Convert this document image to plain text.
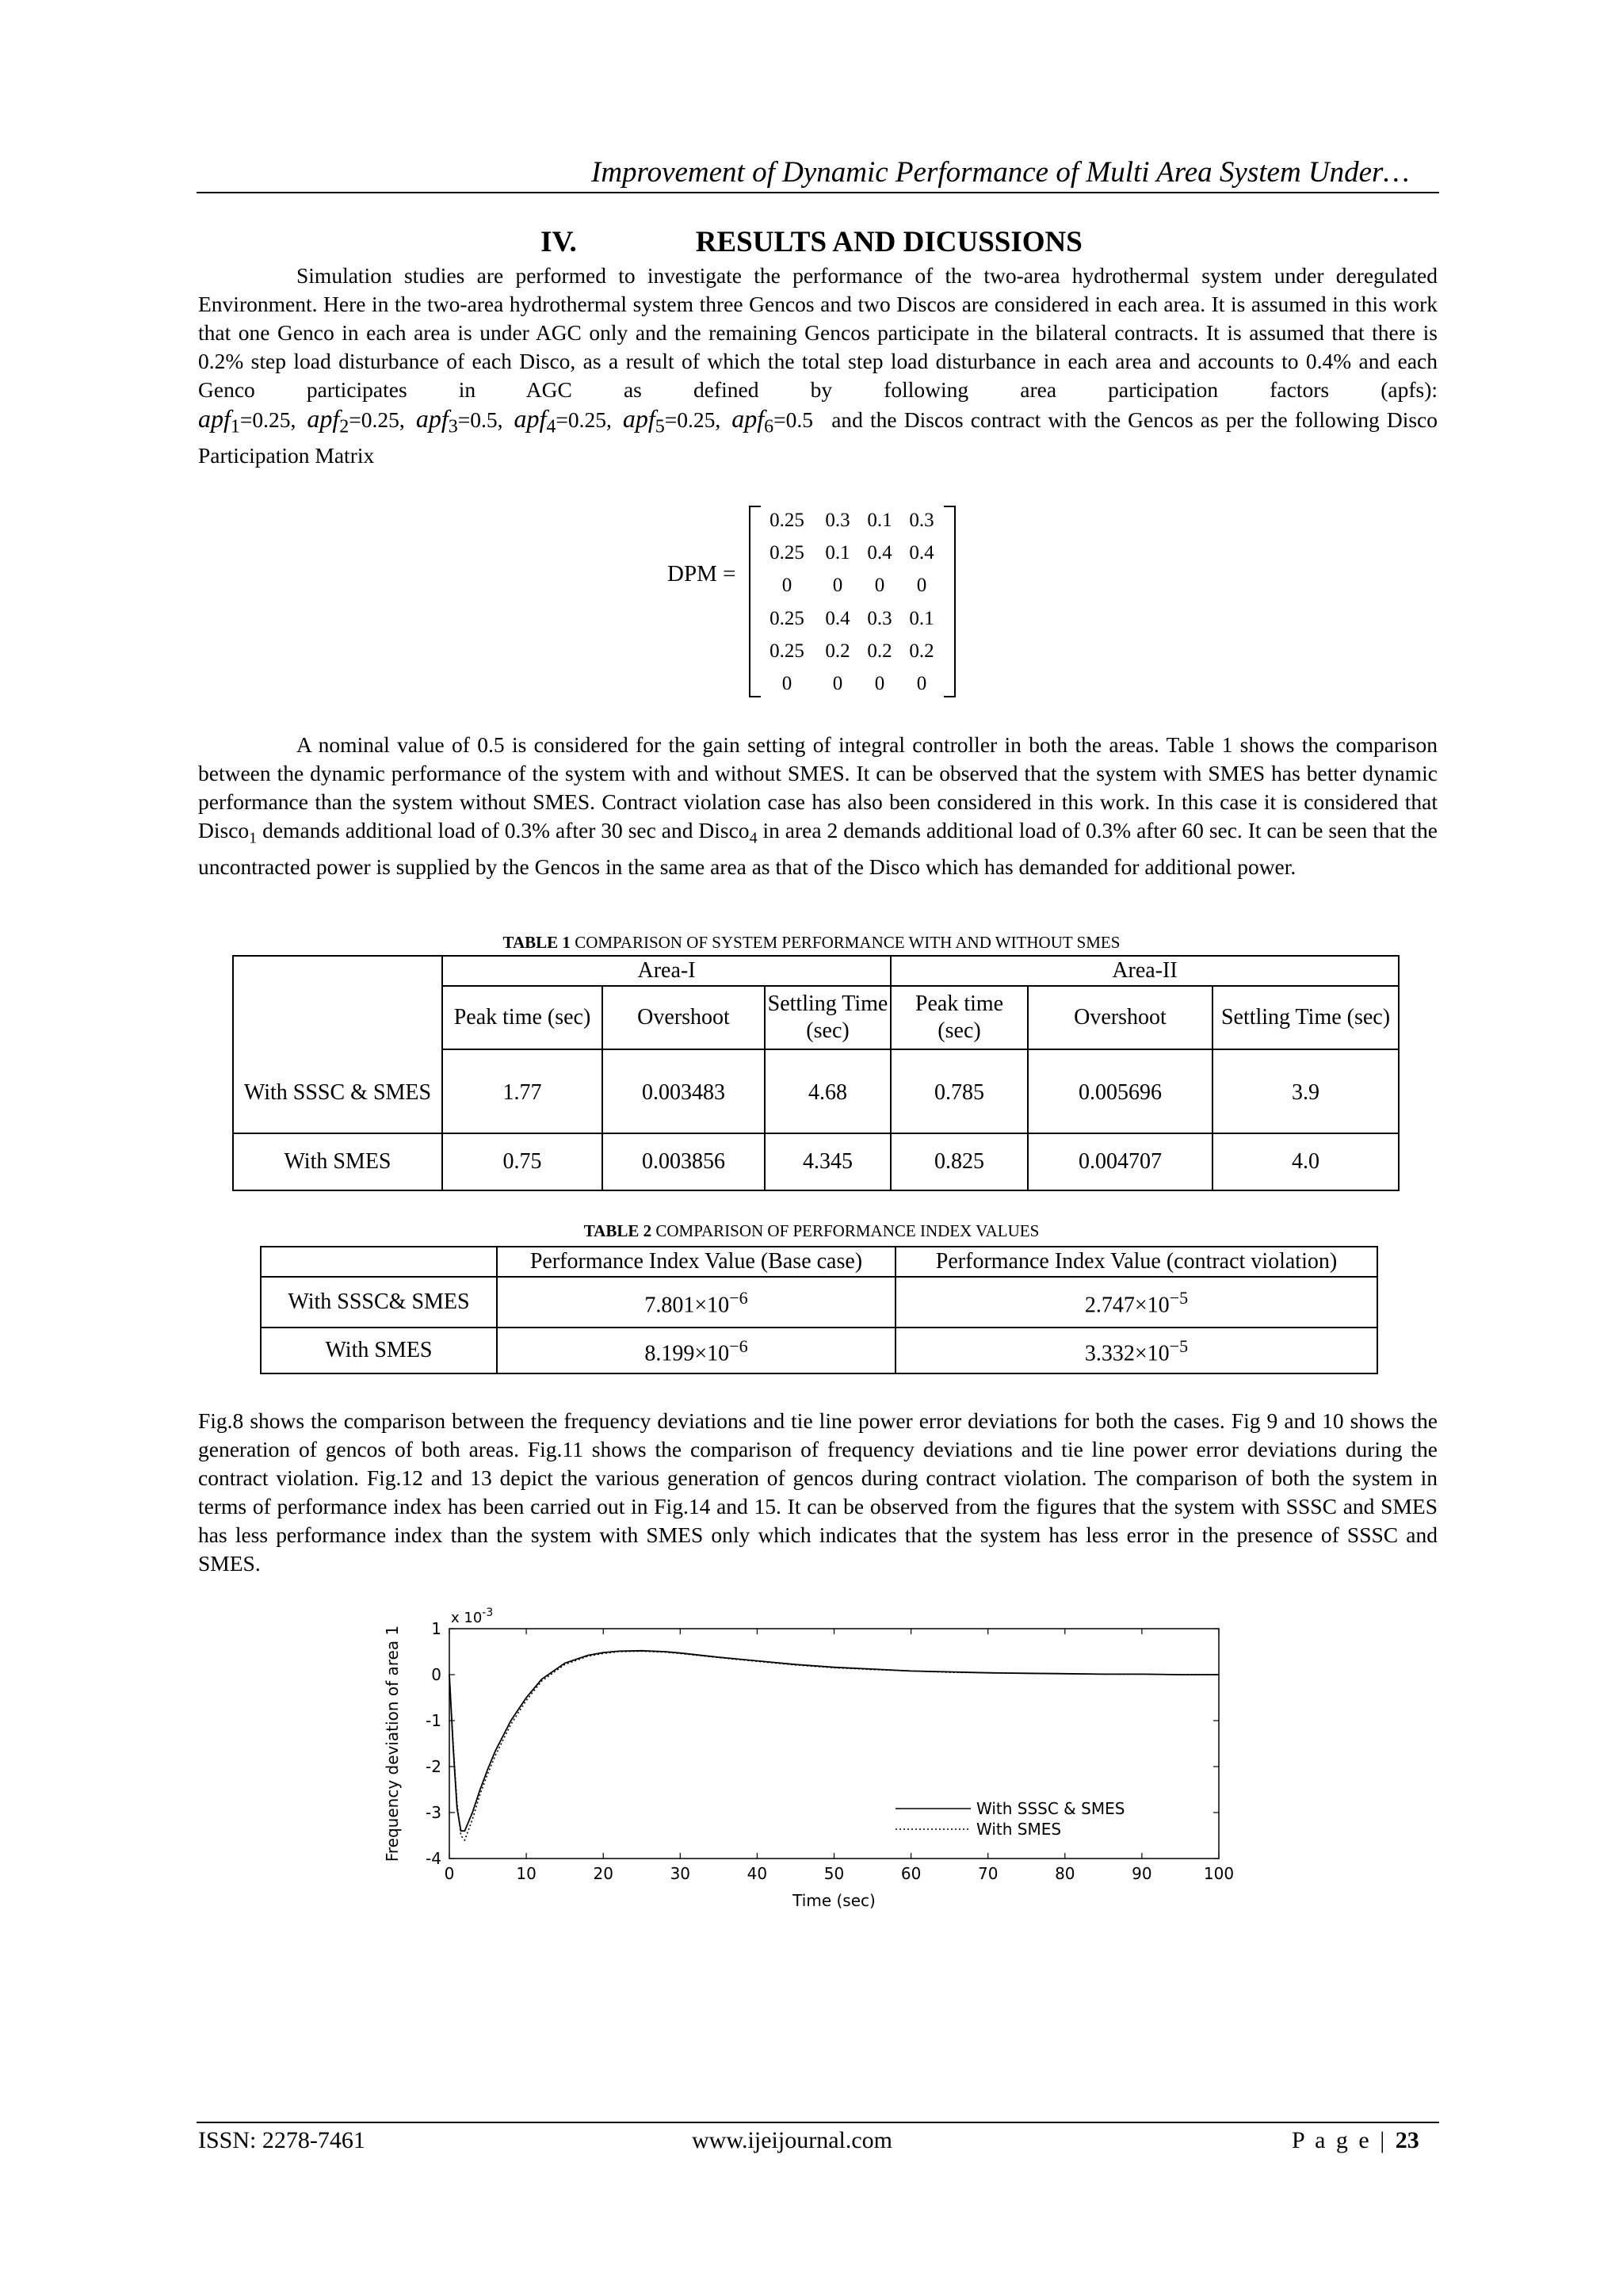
Improvement of Dynamic Performance of Multi Area System Under…
IV.	RESULTS AND DICUSSIONS
Simulation studies are performed to investigate the performance of the two-area hydrothermal system under deregulated Environment. Here in the two-area hydrothermal system three Gencos and two Discos are considered in each area. It is assumed in this work that one Genco in each area is under AGC only and the remaining Gencos participate in the bilateral contracts. It is assumed that there is 0.2% step load disturbance of each Disco, as a result of which the total step load disturbance in each area and accounts to 0.4% and each Genco participates in AGC as defined by following area participation factors (apfs): apf$_1$=0.25, apf$_2$=0.25, apf$_3$=0.5, apf$_4$=0.25, apf$_5$=0.25, apf$_6$=0.5 and the Discos contract with the Gencos as per the following Disco Participation Matrix
DPM =
0.25	0.3	0.1	0.3
0.25	0.1	0.4	0.4
0	0	0	0
0.25	0.4	0.3	0.1
0.25	0.2	0.2	0.2
0	0	0	0
A nominal value of 0.5 is considered for the gain setting of integral controller in both the areas. Table 1 shows the comparison between the dynamic performance of the system with and without SMES. It can be observed that the system with SMES has better dynamic performance than the system without SMES. Contract violation case has also been considered in this work. In this case it is considered that Disco$_1$ demands additional load of 0.3% after 30 sec and Disco$_4$ in area 2 demands additional load of 0.3% after 60 sec. It can be seen that the uncontracted power is supplied by the Gencos in the same area as that of the Disco which has demanded for additional power.
TABLE 1 COMPARISON OF SYSTEM PERFORMANCE WITH AND WITHOUT SMES
	Area-I			Area-II		
	Peak time (sec)	Overshoot	Settling Time (sec)	Peak time (sec)	Overshoot	Settling Time (sec)

With SSSC & SMES	1.77	0.003483	4.68	0.785	0.005696	3.9
With SMES	0.75	0.003856	4.345	0.825	0.004707	4.0
TABLE 2 COMPARISON OF PERFORMANCE INDEX VALUES
	Performance Index Value (Base case)	Performance Index Value (contract violation)
With SSSC& SMES	$7.801\times 10^{-6}$	$2.747\times 10^{-5}$
With SMES	$8.199\times 10^{-6}$	$3.332\times 10^{-5}$
Fig.8 shows the comparison between the frequency deviations and tie line power error deviations for both the cases. Fig 9 and 10 shows the generation of gencos of both areas. Fig.11 shows the comparison of frequency deviations and tie line power error deviations during the contract violation. Fig.12 and 13 depict the various generation of gencos during contract violation. The comparison of both the system in terms of performance index has been carried out in Fig.14 and 15. It can be observed from the figures that the system with SSSC and SMES has less performance index than the system with SMES only which indicates that the system has less error in the presence of SSSC and SMES.
Time (sec)
Frequency deviation of area 1
x $10^{-3}$
0	10	20	30	40	50	60	70	80	90	100
1
0
-1
-2
-3
-4
With SSSC & SMES
With SMES
ISSN: 2278-7461	www.ijeijournal.com	P a g e | 23
